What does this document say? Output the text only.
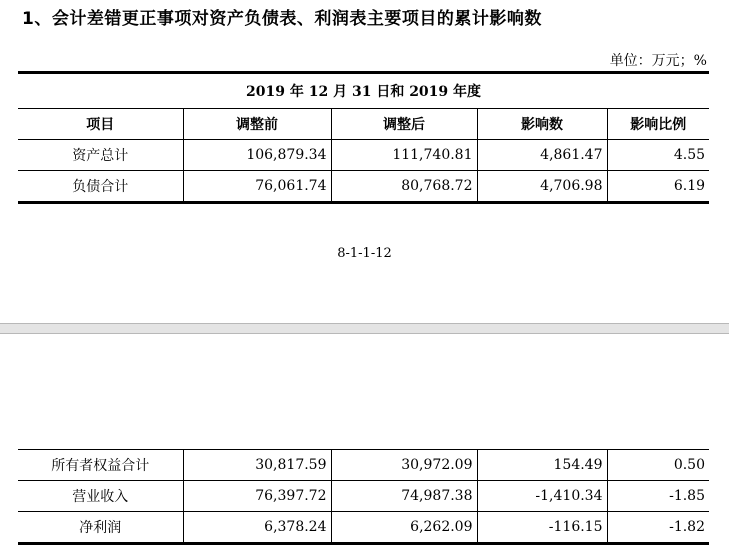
1、会计差错更正事项对资产负债表、利润表主要项目的累计影响数
单位：万元；%
2019 年 12 月 31 日和 2019 年度				
项目	调整前	调整后	影响数	影响比例
资产总计	106,879.34	111,740.81	4,861.47	4.55
负债合计	76,061.74	80,768.72	4,706.98	6.19
8-1-1-12
所有者权益合计	30,817.59	30,972.09	154.49	0.50
营业收入	76,397.72	74,987.38	-1,410.34	-1.85
净利润	6,378.24	6,262.09	-116.15	-1.82
